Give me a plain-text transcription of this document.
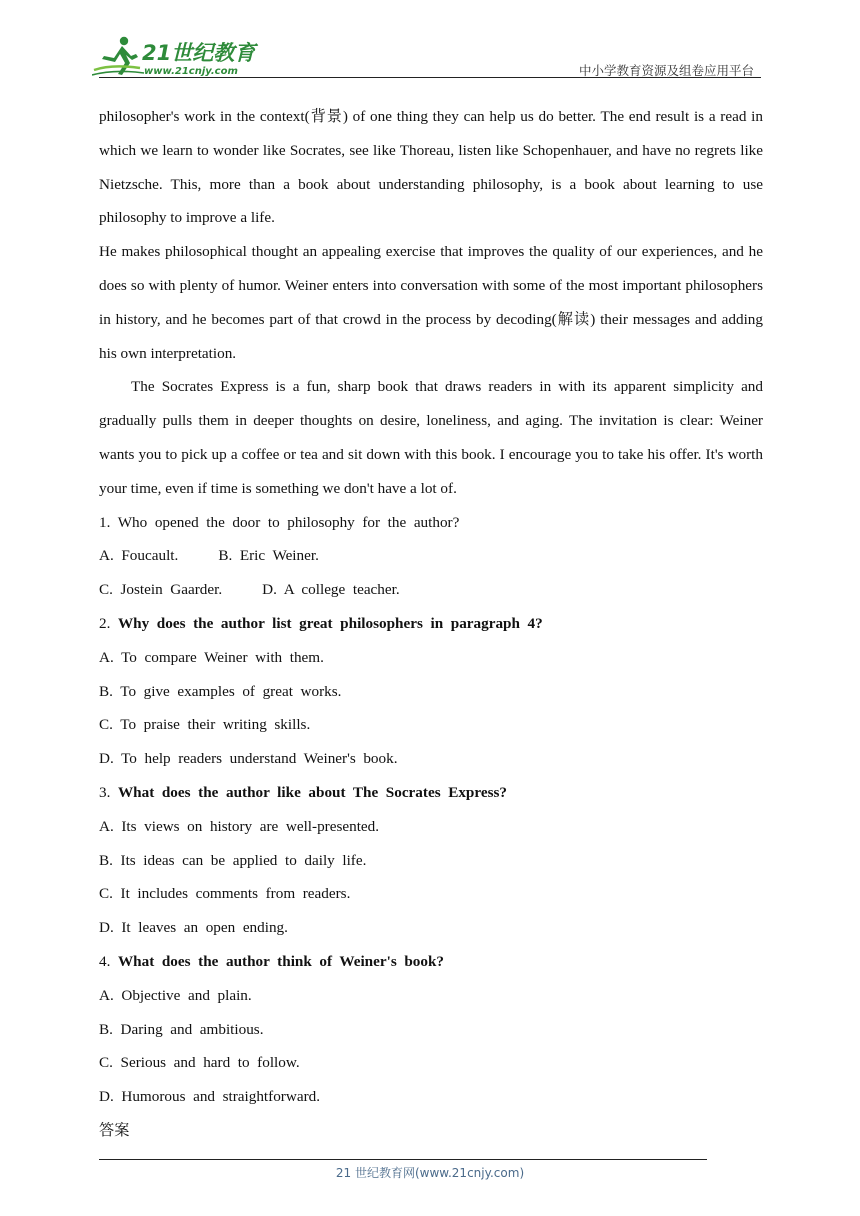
21世纪教育
www.21cnjy.com	中小学教育资源及组卷应用平台

philosopher's work in the context(背景) of one thing they can help us do better. The end result is a read in which we learn to wonder like Socrates, see like Thoreau, listen like Schopenhauer, and have no regrets like Nietzsche. This, more than a book about understanding philosophy, is a book about learning to use philosophy to improve a life.

He makes philosophical thought an appealing exercise that improves the quality of our experiences, and he does so with plenty of humor. Weiner enters into conversation with some of the most important philosophers in history, and he becomes part of that crowd in the process by decoding(解读) their messages and adding his own interpretation.

The Socrates Express is a fun, sharp book that draws readers in with its apparent simplicity and gradually pulls them in deeper thoughts on desire, loneliness, and aging. The invitation is clear: Weiner wants you to pick up a coffee or tea and sit down with this book. I encourage you to take his offer. It's worth your time, even if time is something we don't have a lot of.

1.  Who  opened  the  door  to  philosophy  for  the  author?

A.  Foucault.	B.  Eric  Weiner.

C.  Jostein  Gaarder.	D.  A  college  teacher.

2. Why  does  the  author  list  great  philosophers  in  paragraph  4?

A.  To  compare  Weiner  with  them.

B.  To  give  examples  of  great  works.

C.  To  praise  their  writing  skills.

D.  To  help  readers  understand  Weiner's  book.

3. What  does  the  author  like  about  The  Socrates  Express?

A.  Its  views  on  history  are  well-presented.

B.  Its  ideas  can  be  applied  to  daily  life.

C.  It  includes  comments  from  readers.

D.  It  leaves  an  open  ending.

4. What  does  the  author  think  of  Weiner's  book?

A.  Objective  and  plain.

B.  Daring  and  ambitious.

C.  Serious  and  hard  to  follow.

D.  Humorous  and  straightforward.

答案

21 世纪教育网(www.21cnjy.com)
